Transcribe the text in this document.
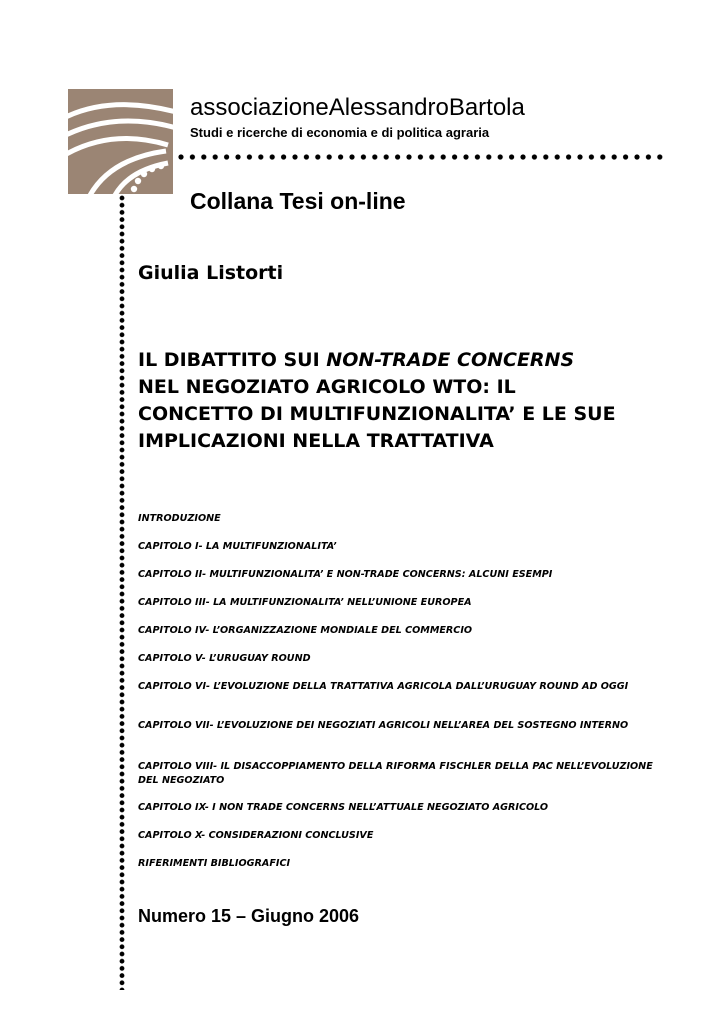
associazioneAlessandroBartola
Studi e ricerche di economia e di politica agraria
Collana Tesi on-line
Giulia Listorti
IL DIBATTITO SUI NON-TRADE CONCERNS
NEL NEGOZIATO AGRICOLO WTO: IL
CONCETTO DI MULTIFUNZIONALITA’ E LE SUE
IMPLICAZIONI NELLA TRATTATIVA
INTRODUZIONE
CAPITOLO I- LA MULTIFUNZIONALITA’
CAPITOLO II- MULTIFUNZIONALITA’ E NON-TRADE CONCERNS: ALCUNI ESEMPI
CAPITOLO III- LA MULTIFUNZIONALITA’ NELL’UNIONE EUROPEA
CAPITOLO IV- L’ORGANIZZAZIONE MONDIALE DEL COMMERCIO
CAPITOLO V- L’URUGUAY ROUND
CAPITOLO VI- L’EVOLUZIONE DELLA TRATTATIVA AGRICOLA DALL’URUGUAY ROUND AD OGGI
CAPITOLO VII- L’EVOLUZIONE DEI NEGOZIATI AGRICOLI NELL’AREA DEL SOSTEGNO INTERNO
CAPITOLO VIII- IL DISACCOPPIAMENTO DELLA RIFORMA FISCHLER DELLA PAC NELL’EVOLUZIONE DEL NEGOZIATO
CAPITOLO IX- I NON TRADE CONCERNS NELL’ATTUALE NEGOZIATO AGRICOLO
CAPITOLO X- CONSIDERAZIONI CONCLUSIVE
RIFERIMENTI BIBLIOGRAFICI
Numero 15 – Giugno 2006
